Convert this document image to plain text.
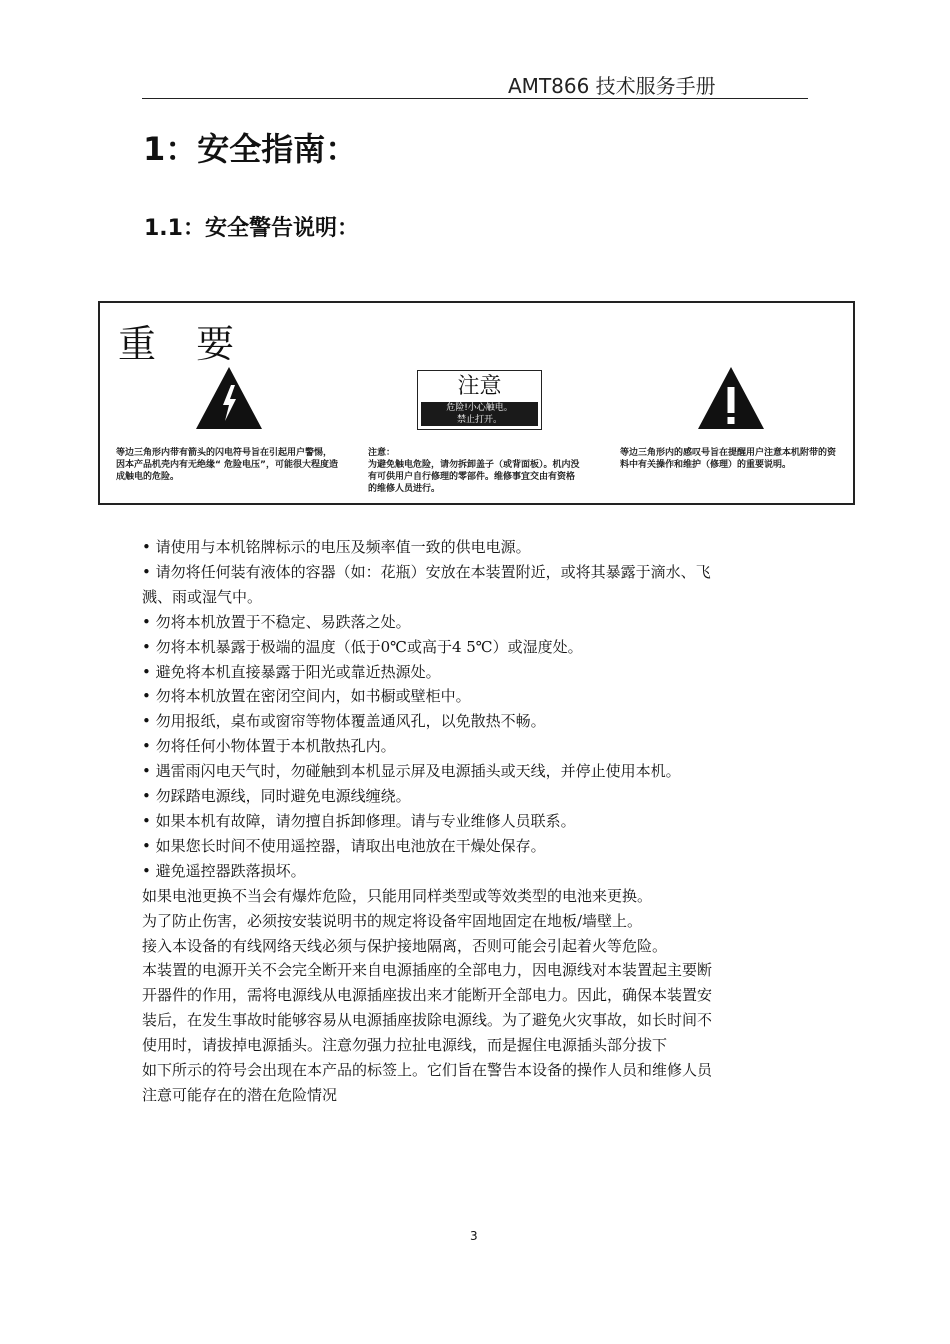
AMT866 技术服务手册
1：安全指南：
1.1：安全警告说明：
重 要
注意
危险!小心触电。
禁止打开。
等边三角形内带有箭头的闪电符号旨在引起用户警惕，因本产品机壳内有无绝缘“ 危险电压”，可能很大程度造成触电的危险。
注意：
为避免触电危险，请勿拆卸盖子（或背面板）。机内没有可供用户自行修理的零部件。维修事宜交由有资格的维修人员进行。
等边三角形内的感叹号旨在提醒用户注意本机附带的资料中有关操作和维护（修理）的重要说明。

• 请使用与本机铭牌标示的电压及频率值一致的供电电源。

• 请勿将任何装有液体的容器（如：花瓶）安放在本装置附近，或将其暴露于滴水、飞

溅、雨或湿气中。

• 勿将本机放置于不稳定、易跌落之处。

• 勿将本机暴露于极端的温度（低于0℃或高于4 5℃）或湿度处。

• 避免将本机直接暴露于阳光或靠近热源处。

• 勿将本机放置在密闭空间内，如书橱或壁柜中。

• 勿用报纸，桌布或窗帘等物体覆盖通风孔，以免散热不畅。

• 勿将任何小物体置于本机散热孔内。

• 遇雷雨闪电天气时，勿碰触到本机显示屏及电源插头或天线，并停止使用本机。

• 勿踩踏电源线，同时避免电源线缠绕。

• 如果本机有故障，请勿擅自拆卸修理。请与专业维修人员联系。

• 如果您长时间不使用遥控器，请取出电池放在干燥处保存。

• 避免遥控器跌落损坏。

如果电池更换不当会有爆炸危险，只能用同样类型或等效类型的电池来更换。

为了防止伤害，必须按安装说明书的规定将设备牢固地固定在地板/墙壁上。

接入本设备的有线网络天线必须与保护接地隔离，否则可能会引起着火等危险。

本装置的电源开关不会完全断开来自电源插座的全部电力，因电源线对本装置起主要断

开器件的作用，需将电源线从电源插座拔出来才能断开全部电力。因此，确保本装置安

装后，在发生事故时能够容易从电源插座拔除电源线。为了避免火灾事故，如长时间不

使用时，请拔掉电源插头。注意勿强力拉扯电源线，而是握住电源插头部分拔下

如下所示的符号会出现在本产品的标签上。它们旨在警告本设备的操作人员和维修人员

注意可能存在的潜在危险情况

3
